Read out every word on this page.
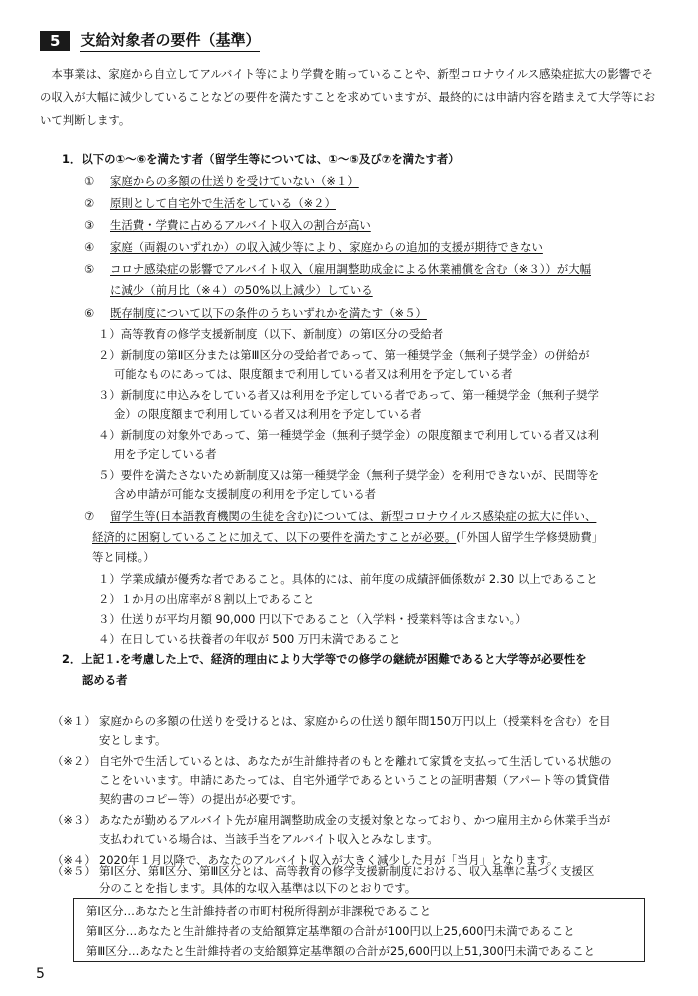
5	支給対象者の要件（基準）

　本事業は、家庭から自立してアルバイト等により学費を賄っていることや、新型コロナウイルス感染症拡大の影響でその収入が大幅に減少していることなどの要件を満たすことを求めていますが、最終的には申請内容を踏まえて大学等において判断します。

1．以下の①～⑥を満たす者（留学生等については、①～⑤及び⑦を満たす者）
① 家庭からの多額の仕送りを受けていない（※１）
② 原則として自宅外で生活をしている（※２）
③ 生活費・学費に占めるアルバイト収入の割合が高い
④ 家庭（両親のいずれか）の収入減少等により、家庭からの追加的支援が期待できない
⑤ コロナ感染症の影響でアルバイト収入（雇用調整助成金による休業補償を含む（※３））が大幅
に減少（前月比（※４）の50%以上減少）している
⑥ 既存制度について以下の条件のうちいずれかを満たす（※５）
１）高等教育の修学支援新制度（以下、新制度）の第Ⅰ区分の受給者
２）新制度の第Ⅱ区分または第Ⅲ区分の受給者であって、第一種奨学金（無利子奨学金）の併給が
可能なものにあっては、限度額まで利用している者又は利用を予定している者
３）新制度に申込みをしている者又は利用を予定している者であって、第一種奨学金（無利子奨学
金）の限度額まで利用している者又は利用を予定している者
４）新制度の対象外であって、第一種奨学金（無利子奨学金）の限度額まで利用している者又は利
用を予定している者
５）要件を満たさないため新制度又は第一種奨学金（無利子奨学金）を利用できないが、民間等を
含め申請が可能な支援制度の利用を予定している者
⑦ 留学生等(日本語教育機関の生徒を含む)については、新型コロナウイルス感染症の拡大に伴い、
経済的に困窮していることに加えて、以下の要件を満たすことが必要。(「外国人留学生学修奨励費」
等と同様。）
１）学業成績が優秀な者であること。具体的には、前年度の成績評価係数が 2.30 以上であること
２）１か月の出席率が８割以上であること
３）仕送りが平均月額 90,000 円以下であること（入学料・授業料等は含まない。）
４）在日している扶養者の年収が 500 万円未満であること
2．上記１.を考慮した上で、経済的理由により大学等での修学の継続が困難であると大学等が必要性を
認める者
（※１） 家庭からの多額の仕送りを受けるとは、家庭からの仕送り額年間150万円以上（授業料を含む）を目
安とします。
（※２） 自宅外で生活しているとは、あなたが生計維持者のもとを離れて家賃を支払って生活している状態の
ことをいいます。申請にあたっては、自宅外通学であるということの証明書類（アパート等の賃貸借
契約書のコピー等）の提出が必要です。
（※３） あなたが勤めるアルバイト先が雇用調整助成金の支援対象となっており、かつ雇用主から休業手当が
支払われている場合は、当該手当をアルバイト収入とみなします。
（※４） 2020年１月以降で、あなたのアルバイト収入が大きく減少した月が「当月」となります。
（※５）
第Ⅰ区分…あなたと生計維持者の市町村税所得割が非課税であること
第Ⅱ区分…あなたと生計維持者の支給額算定基準額の合計が100円以上25,600円未満であること
第Ⅲ区分…あなたと生計維持者の支給額算定基準額の合計が25,600円以上51,300円未満であること
5
第Ⅰ区分、第Ⅱ区分、第Ⅲ区分とは、高等教育の修学支援新制度における、収入基準に基づく支援区
分のことを指します。具体的な収入基準は以下のとおりです。
